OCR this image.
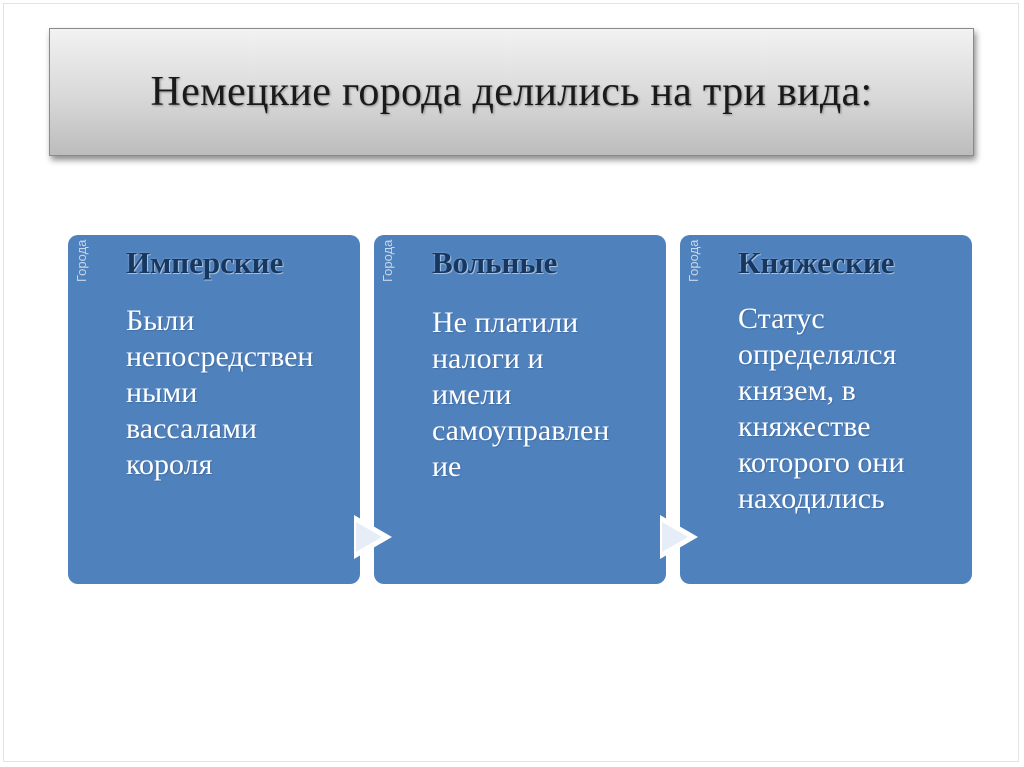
Немецкие города делились на три вида:
Города Имперские
Были
непосредствен
ными
вассалами
короля
Города Вольные
Не платили
налоги и
имели
самоуправлен
ие
Города Княжеские
Статус
определялся
князем, в
княжестве
которого они
находились
